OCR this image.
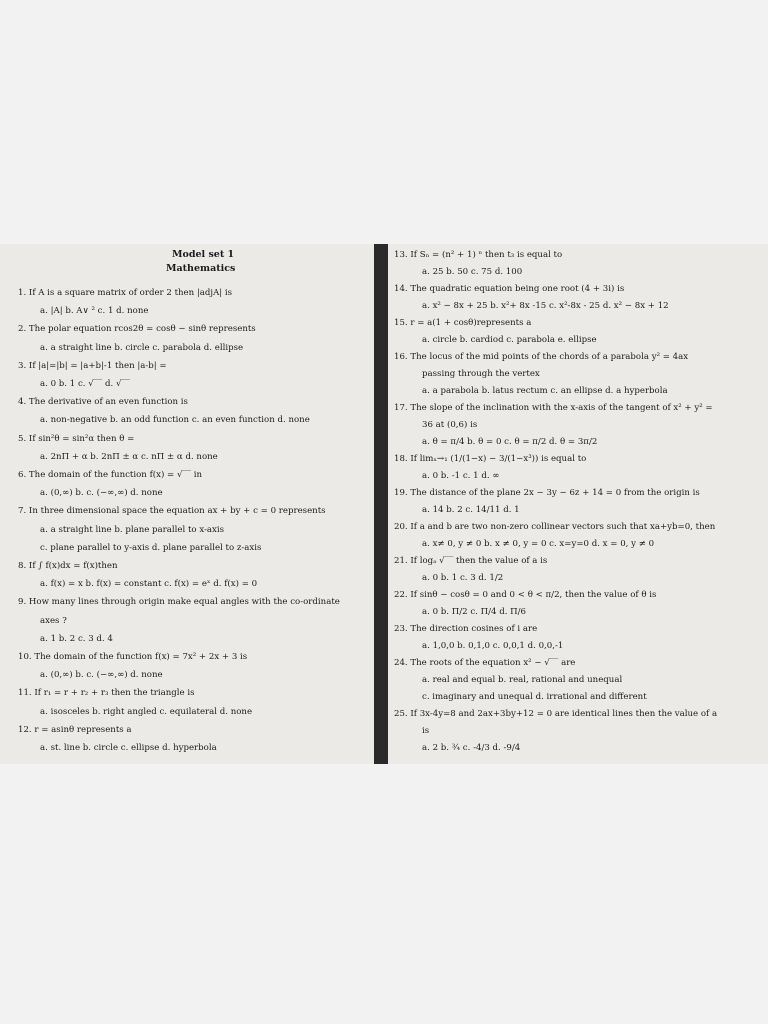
Model set 1
Mathematics
1. If A is a square matrix of order 2 then |adjA| is
a. |A| b. A∨ ² c. 1 d. none
2. The polar equation rcos2θ = cosθ − sinθ represents
a. a straight line b. circle c. parabola d. ellipse
3. If |a|=|b| = |a+b|-1 then |a-b| =
a. 0 b. 1 c. √‾‾ d. √‾‾
4. The derivative of an even function is
a. non-negative b. an odd function c. an even function d. none
5. If sin²θ = sin²α then θ =
a. 2nΠ + α b. 2nΠ ± α c. nΠ ± α d. none
6. The domain of the function f(x) = √‾‾ in
a. (0,∞) b. c. (−∞,∞) d. none
7. In three dimensional space the equation ax + by + c = 0 represents
a. a straight line b. plane parallel to x-axis
c. plane parallel to y-axis d. plane parallel to z-axis
8. If ∫ f(x)dx = f(x)then
a. f(x) = x b. f(x) = constant c. f(x) = eˣ d. f(x) = 0
9. How many lines through origin make equal angles with the co-ordinate
axes ?
a. 1 b. 2 c. 3 d. 4
10. The domain of the function f(x) = 7x² + 2x + 3 is
a. (0,∞) b. c. (−∞,∞) d. none
11. If r₁ = r + r₂ + r₃ then the triangle is
a. isosceles b. right angled c. equilateral d. none
12. r = asinθ represents a
a. st. line b. circle c. ellipse d. hyperbola
13. If Sₙ = (n² + 1) ⁿ then t₃ is equal to
a. 25 b. 50 c. 75 d. 100
14. The quadratic equation being one root (4 + 3i) is
a. x² − 8x + 25 b. x²+ 8x -15 c. x²-8x - 25 d. x² − 8x + 12
15. r = a(1 + cosθ)represents a
a. circle b. cardiod c. parabola e. ellipse
16. The locus of the mid points of the chords of a parabola y² = 4ax
passing through the vertex
a. a parabola b. latus rectum c. an ellipse d. a hyperbola
17. The slope of the inclination with the x-axis of the tangent of x² + y² =
36 at (0,6) is
a. θ = π/4 b. θ = 0 c. θ = π/2 d. θ = 3π/2
18. If limₓ→₁ (1/(1−x) − 3/(1−x³)) is equal to
a. 0 b. -1 c. 1 d. ∞
19. The distance of the plane 2x − 3y − 6z + 14 = 0 from the origin is
a. 14 b. 2 c. 14/11 d. 1
20. If a and b are two non-zero collinear vectors such that xa+yb=0, then
a. x≠ 0, y ≠ 0 b. x ≠ 0, y = 0 c. x=y=0 d. x = 0, y ≠ 0
21. If logₐ √‾‾ then the value of a is
a. 0 b. 1 c. 3 d. 1/2
22. If sinθ − cosθ = 0 and 0 < θ < π/2, then the value of θ is
a. 0 b. Π/2 c. Π/4 d. Π/6
23. The direction cosines of i are
a. 1,0,0 b. 0,1,0 c. 0,0,1 d. 0,0,-1
24. The roots of the equation x² − √‾‾ are
a. real and equal b. real, rational and unequal
c. imaginary and unequal d. irrational and different
25. If 3x-4y=8 and 2ax+3by+12 = 0 are identical lines then the value of a
is
a. 2 b. ¾ c. -4/3 d. -9/4
